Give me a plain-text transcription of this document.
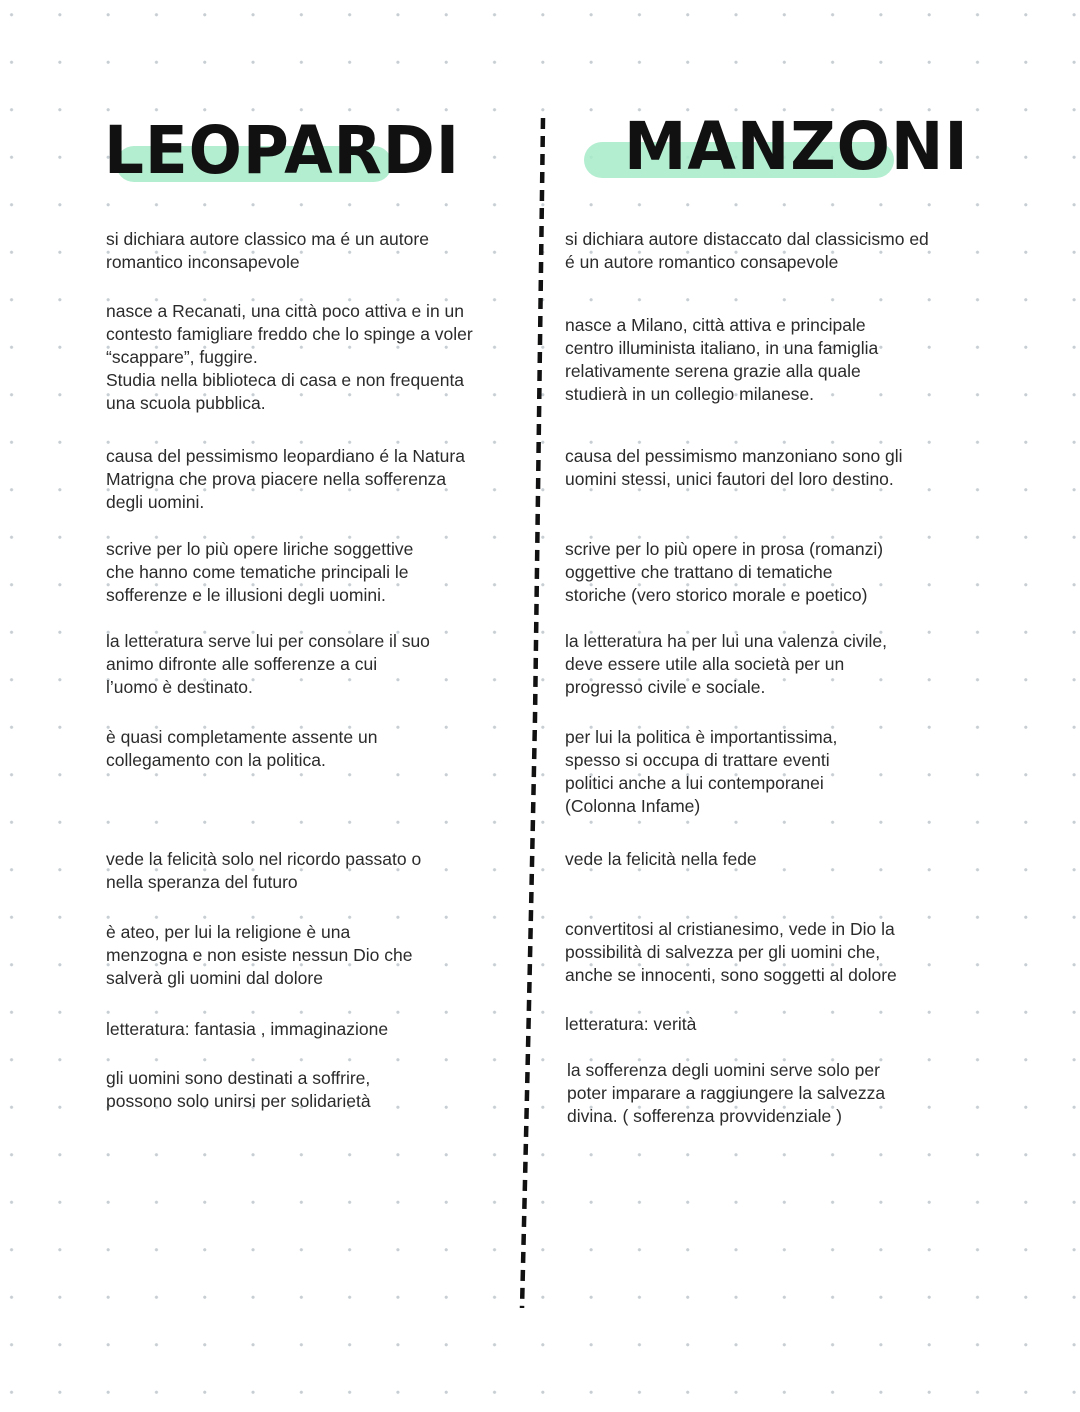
LEOPARDI MANZONI

si dichiara autore classico ma é un autore
romantico inconsapevole

nasce a Recanati, una città poco attiva e in un
contesto famigliare freddo che lo spinge a voler
“scappare”, fuggire.
Studia nella biblioteca di casa e non frequenta
una scuola pubblica.

causa del pessimismo leopardiano é la Natura
Matrigna che prova piacere nella sofferenza
degli uomini.

scrive per lo più opere liriche soggettive
che hanno come tematiche principali le
sofferenze e le illusioni degli uomini.

la letteratura serve lui per consolare il suo
animo difronte alle sofferenze a cui
l’uomo è destinato.

è quasi completamente assente un
collegamento con la politica.

vede la felicità solo nel ricordo passato o
nella speranza del futuro

è ateo, per lui la religione è una
menzogna e non esiste nessun Dio che
salverà gli uomini dal dolore

letteratura: fantasia , immaginazione

gli uomini sono destinati a soffrire,
possono solo unirsi per solidarietà

si dichiara autore distaccato dal classicismo ed
é un autore romantico consapevole

nasce a Milano, città attiva e principale
centro illuminista italiano, in una famiglia
relativamente serena grazie alla quale
studierà in un collegio milanese.

causa del pessimismo manzoniano sono gli
uomini stessi, unici fautori del loro destino.

scrive per lo più opere in prosa (romanzi)
oggettive che trattano di tematiche
storiche (vero storico morale e poetico)

la letteratura ha per lui una valenza civile,
deve essere utile alla società per un
progresso civile e sociale.

per lui la politica è importantissima,
spesso si occupa di trattare eventi
politici anche a lui contemporanei
(Colonna Infame)

vede la felicità nella fede

convertitosi al cristianesimo, vede in Dio la
possibilità di salvezza per gli uomini che,
anche se innocenti, sono soggetti al dolore

letteratura: verità

la sofferenza degli uomini serve solo per
poter imparare a raggiungere la salvezza
divina. ( sofferenza provvidenziale )
